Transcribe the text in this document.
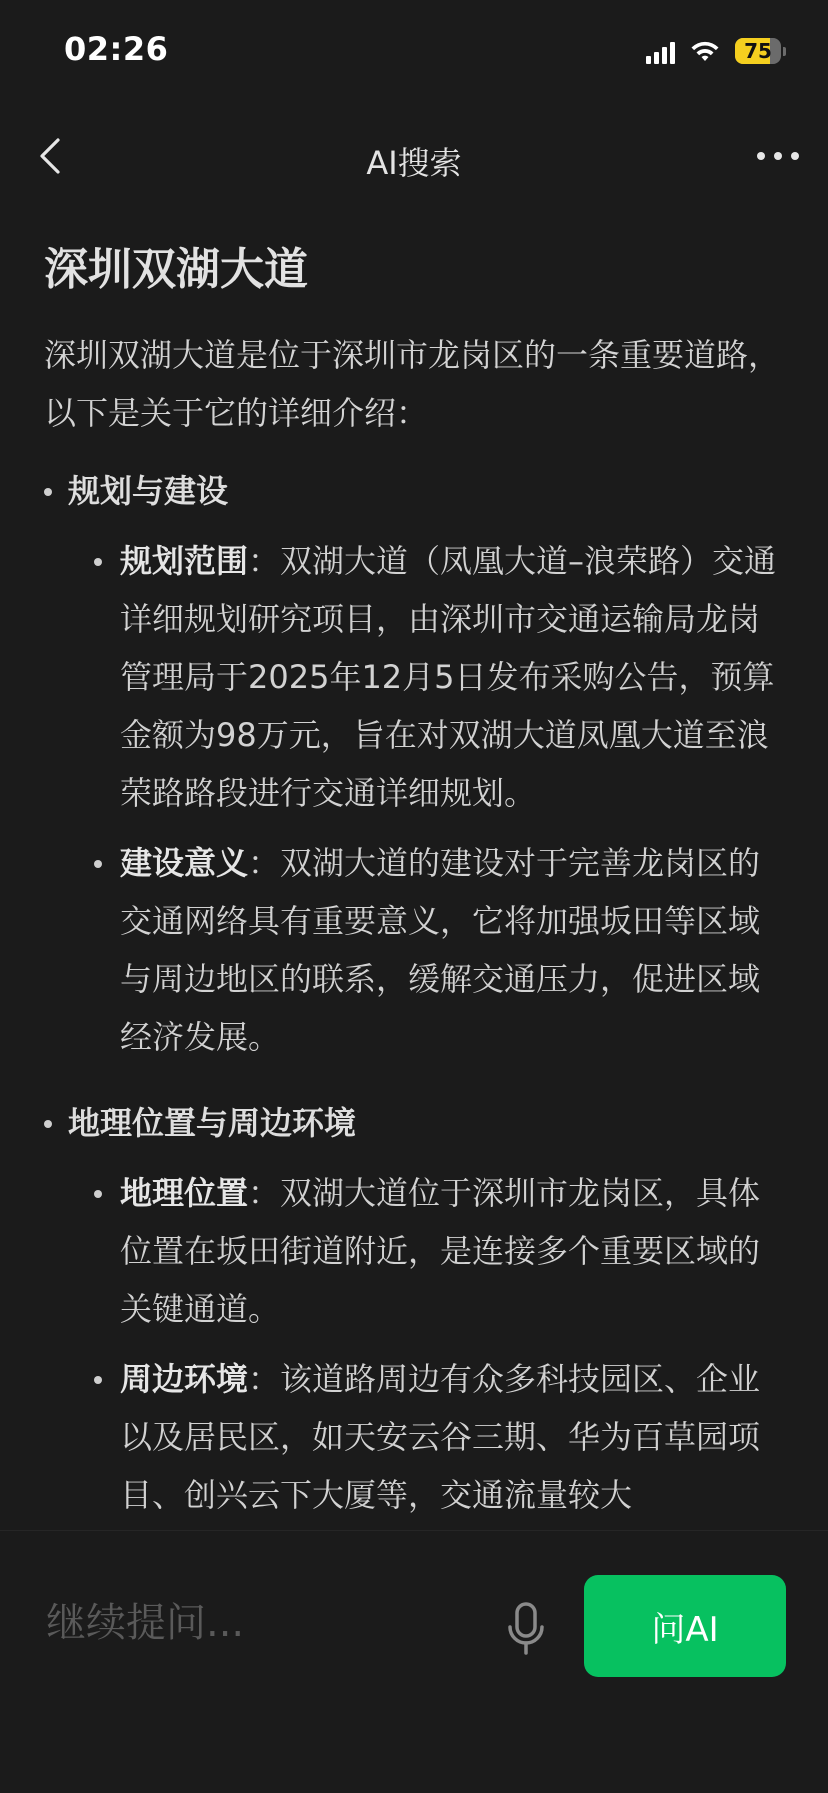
02:26	75
AI搜索
深圳双湖大道

深圳双湖大道是位于深圳市龙岗区的一条重要道路，以下是关于它的详细介绍：

规划与建设
规划范围：双湖大道（凤凰大道–浪荣路）交通详细规划研究项目，由深圳市交通运输局龙岗管理局于2025年12月5日发布采购公告，预算金额为98万元，旨在对双湖大道凤凰大道至浪荣路路段进行交通详细规划。
建设意义：双湖大道的建设对于完善龙岗区的交通网络具有重要意义，它将加强坂田等区域与周边地区的联系，缓解交通压力，促进区域经济发展。
地理位置与周边环境
地理位置：双湖大道位于深圳市龙岗区，具体位置在坂田街道附近，是连接多个重要区域的关键通道。
周边环境：该道路周边有众多科技园区、企业以及居民区，如天安云谷三期、华为百草园项目、创兴云下大厦等，交通流量较大
继续提问...
问AI
